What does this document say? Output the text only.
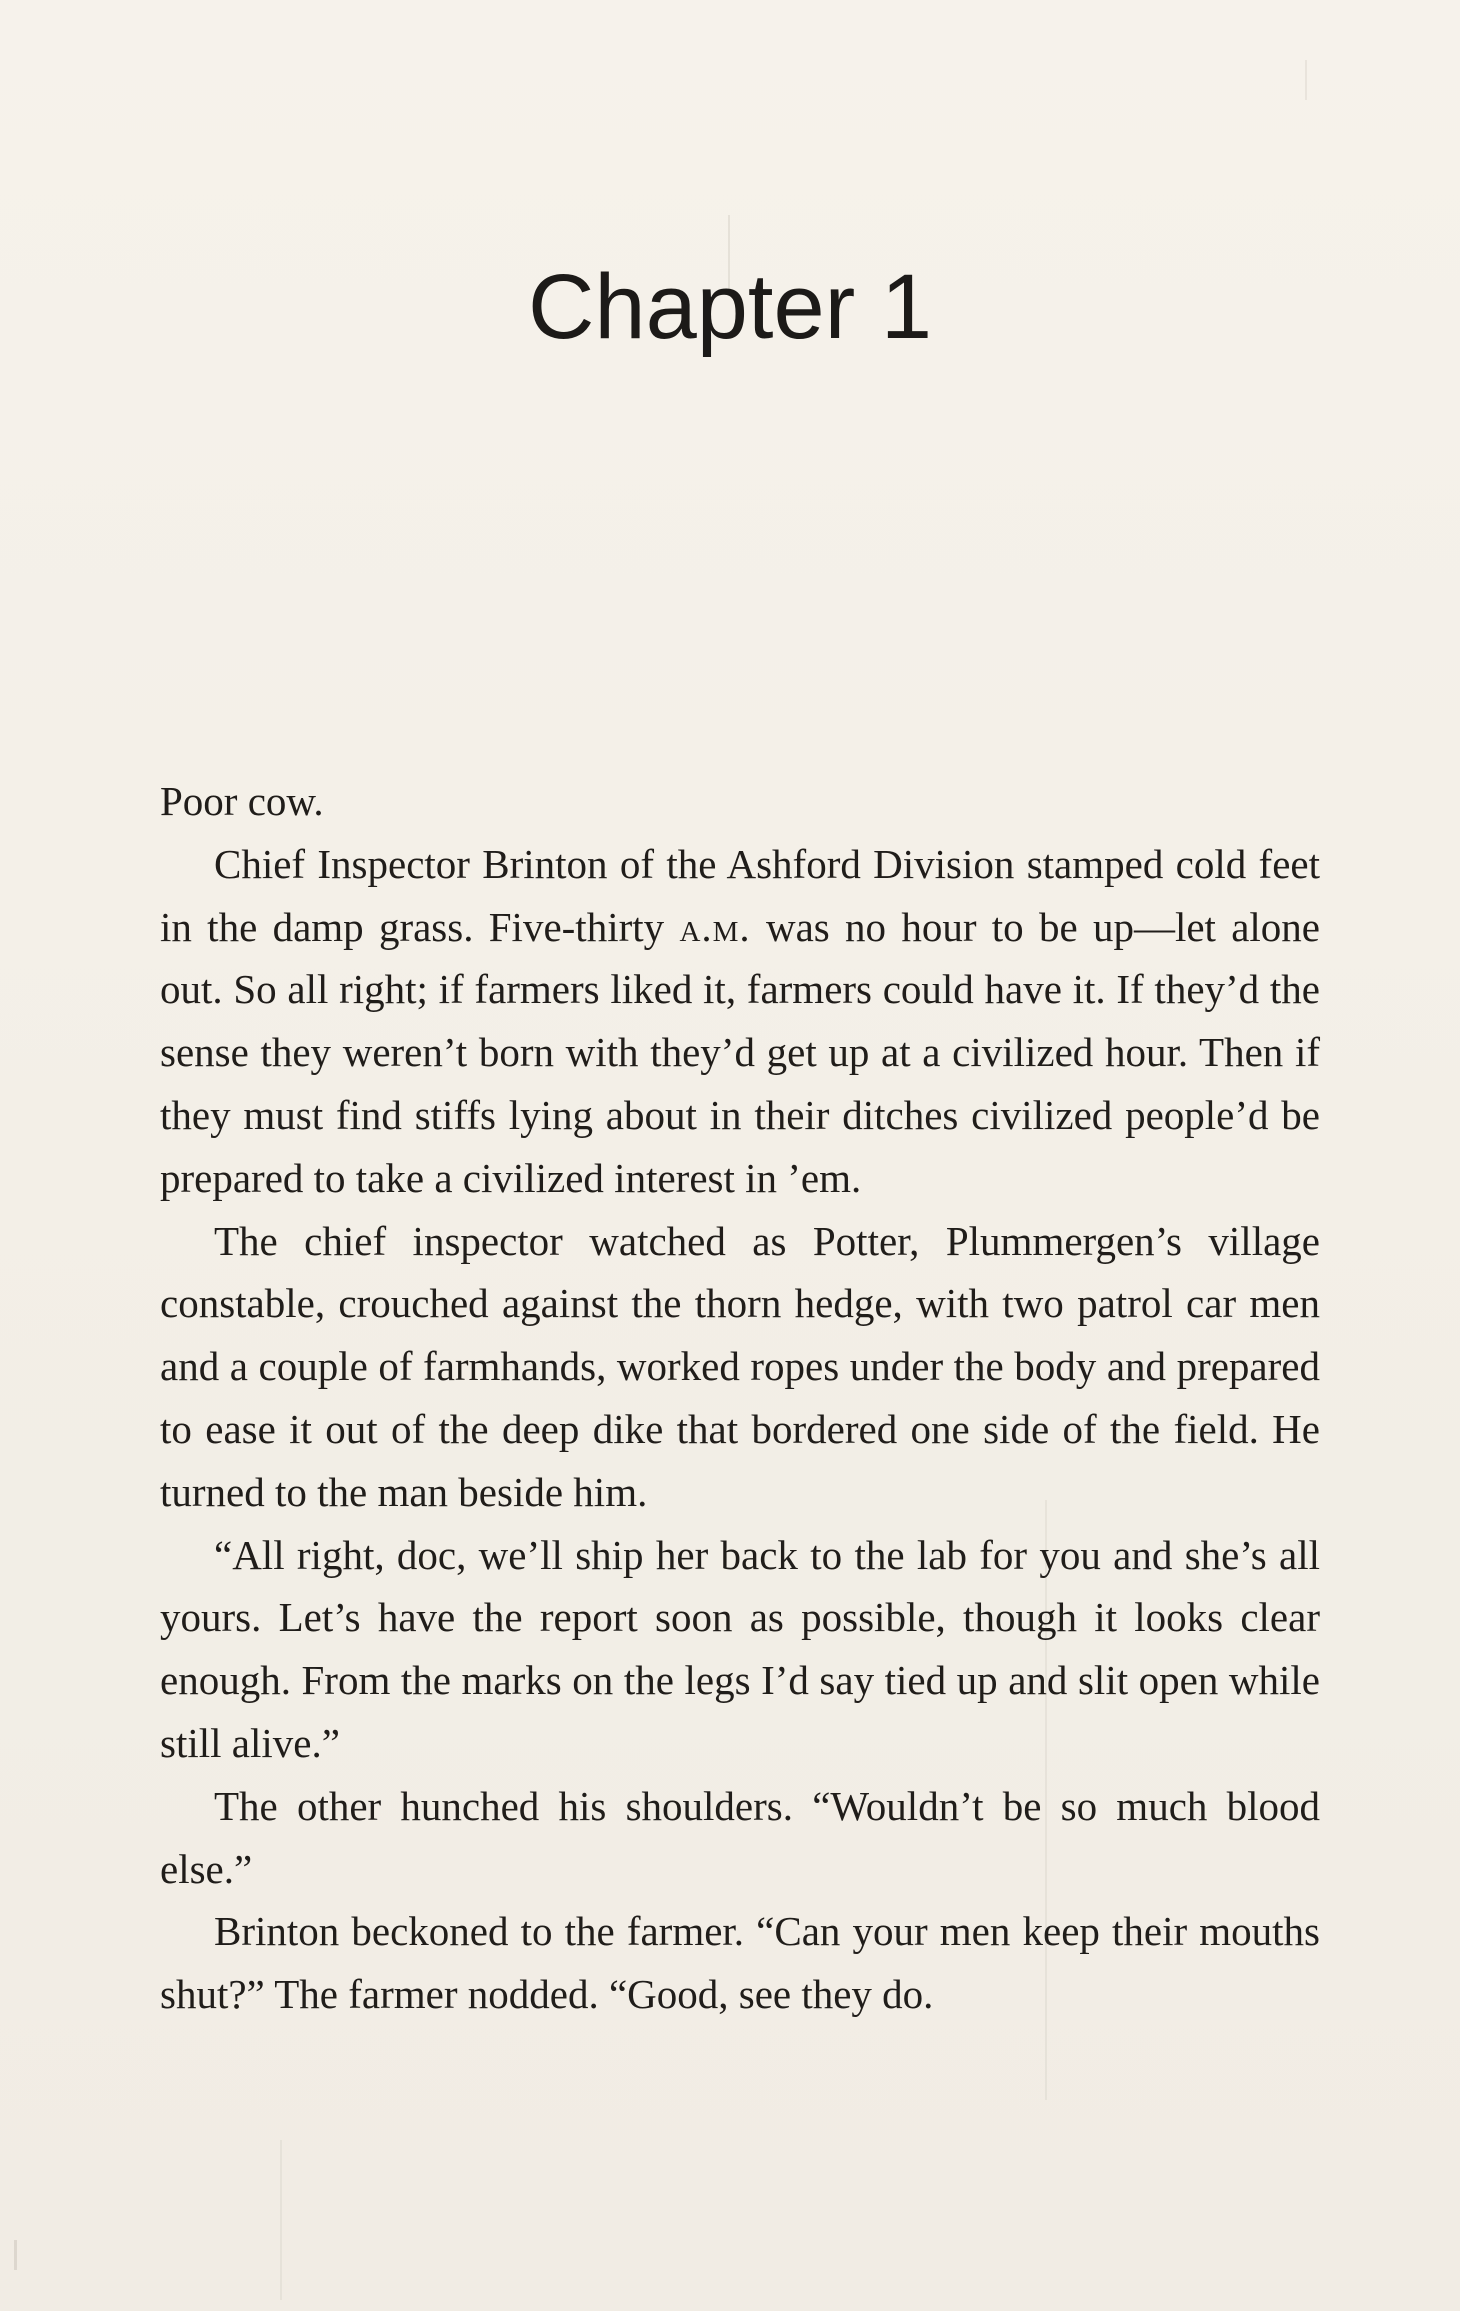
Chapter 1

Poor cow.

Chief Inspector Brinton of the Ashford Division stamped cold feet in the damp grass. Five-thirty a.m. was no hour to be up—let alone out. So all right; if farmers liked it, farmers could have it. If they’d the sense they weren’t born with they’d get up at a civilized hour. Then if they must find stiffs lying about in their ditches civilized people’d be prepared to take a civilized interest in ’em.

The chief inspector watched as Potter, Plummergen’s village constable, crouched against the thorn hedge, with two patrol car men and a couple of farmhands, worked ropes under the body and prepared to ease it out of the deep dike that bordered one side of the field. He turned to the man beside him.

“All right, doc, we’ll ship her back to the lab for you and she’s all yours. Let’s have the report soon as possible, though it looks clear enough. From the marks on the legs I’d say tied up and slit open while still alive.”

The other hunched his shoulders. “Wouldn’t be so much blood else.”

Brinton beckoned to the farmer. “Can your men keep their mouths shut?” The farmer nodded. “Good, see they do.
